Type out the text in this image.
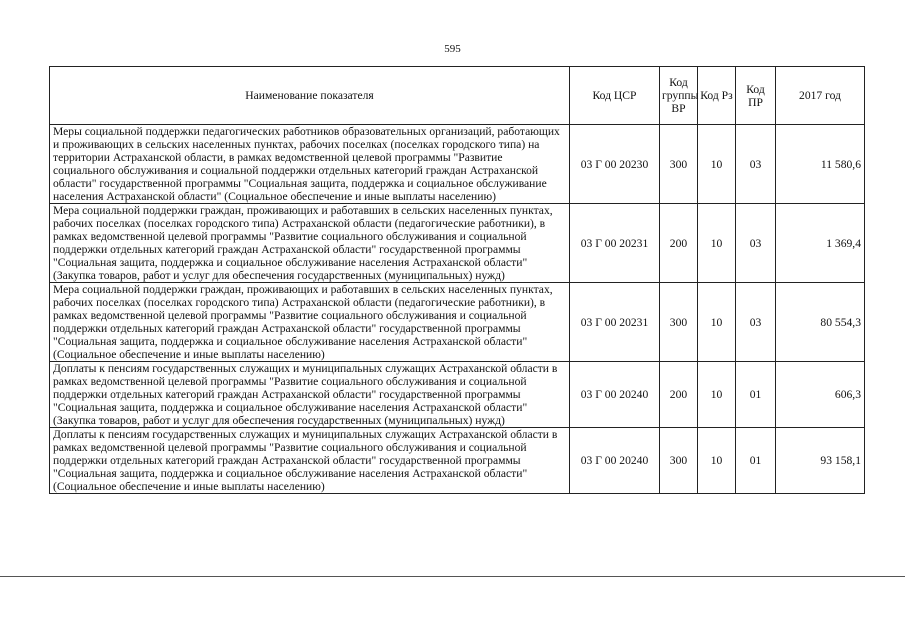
595
Наименование показателя	Код ЦСР	Код группы ВР	Код Рз	Код ПР	2017 год
Меры социальной поддержки педагогических работников образовательных организаций, работающих и проживающих в сельских населенных пунктах, рабочих поселках (поселках городского типа) на территории Астраханской области, в рамках ведомственной целевой программы "Развитие социального обслуживания и социальной поддержки отдельных категорий граждан Астраханской области" государственной программы "Социальная защита, поддержка и социальное обслуживание населения Астраханской области" (Социальное обеспечение и иные выплаты населению)	03 Г 00 20230	300	10	03	11 580,6
Мера социальной поддержки граждан, проживающих и работавших в сельских населенных пунктах, рабочих поселках (поселках городского типа) Астраханской области (педагогические работники), в рамках ведомственной целевой программы "Развитие социального обслуживания и социальной поддержки отдельных категорий граждан Астраханской области" государственной программы "Социальная защита, поддержка и социальное обслуживание населения Астраханской области" (Закупка товаров, работ и услуг для обеспечения государственных (муниципальных) нужд)	03 Г 00 20231	200	10	03	1 369,4
Мера социальной поддержки граждан, проживающих и работавших в сельских населенных пунктах, рабочих поселках (поселках городского типа) Астраханской области (педагогические работники), в рамках ведомственной целевой программы "Развитие социального обслуживания и социальной поддержки отдельных категорий граждан Астраханской области" государственной программы "Социальная защита, поддержка и социальное обслуживание населения Астраханской области" (Социальное обеспечение и иные выплаты населению)	03 Г 00 20231	300	10	03	80 554,3
Доплаты к пенсиям государственных служащих и муниципальных служащих Астраханской области в рамках ведомственной целевой программы "Развитие социального обслуживания и социальной поддержки отдельных категорий граждан Астраханской области" государственной программы "Социальная защита, поддержка и социальное обслуживание населения Астраханской области" (Закупка товаров, работ и услуг для обеспечения государственных (муниципальных) нужд)	03 Г 00 20240	200	10	01	606,3
Доплаты к пенсиям государственных служащих и муниципальных служащих Астраханской области в рамках ведомственной целевой программы "Развитие социального обслуживания и социальной поддержки отдельных категорий граждан Астраханской области" государственной программы "Социальная защита, поддержка и социальное обслуживание населения Астраханской области" (Социальное обеспечение и иные выплаты населению)	03 Г 00 20240	300	10	01	93 158,1
